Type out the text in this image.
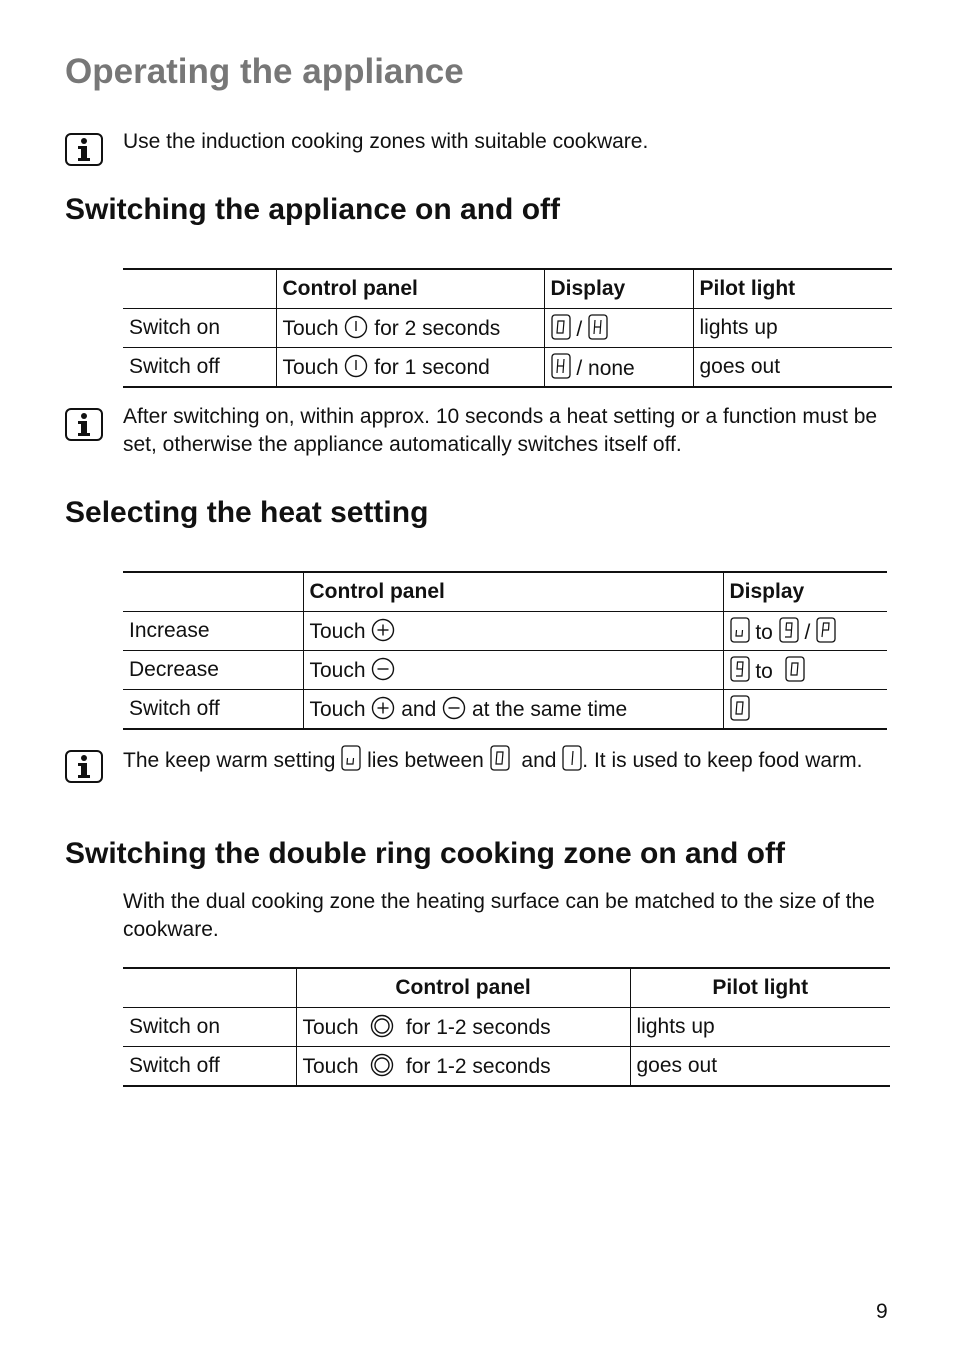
Operating the appliance
Use the induction cooking zones with suitable cookware.
Switching the appliance on and off
	Control panel	Display	Pilot light
Switch on	Touch for 2 seconds	/	lights up
Switch off	Touch for 1 second	/ none	goes out
After switching on, within approx. 10 seconds a heat setting or a function must be set, otherwise the appliance automatically switches itself off.
Selecting the heat setting
	Control panel	Display
Increase	Touch	to /
Decrease	Touch	to
Switch off	Touch and at the same time	
The keep warm setting lies between and . It is used to keep food warm.
Switching the double ring cooking zone on and off
With the dual cooking zone the heating surface can be matched to the size of the cookware.
	Control panel	Pilot light
Switch on	Touch for 1-2 seconds	lights up
Switch off	Touch for 1-2 seconds	goes out
9
